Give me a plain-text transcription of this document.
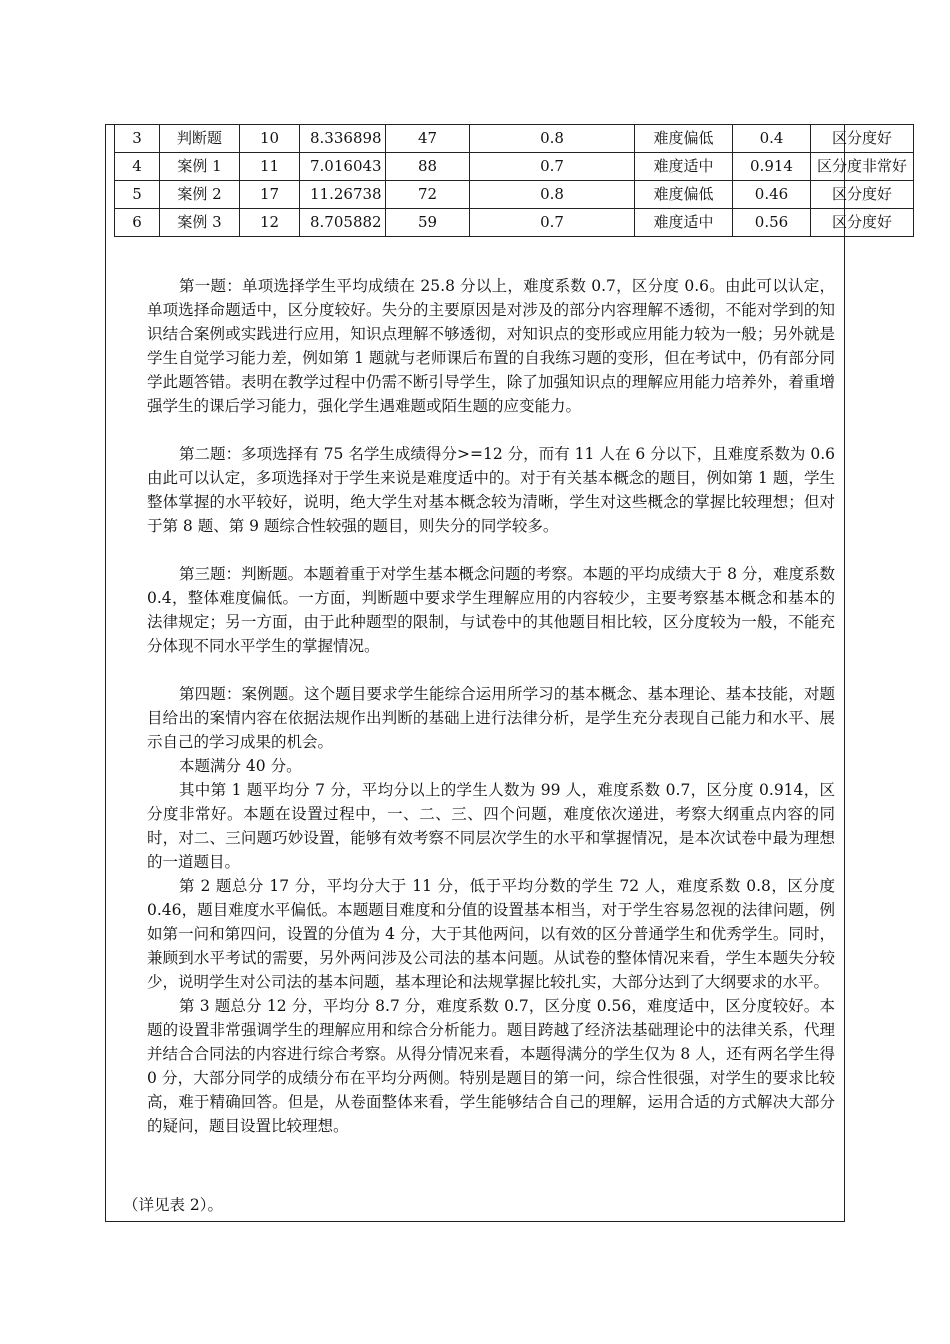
3	判断题	10	8.336898	47	0.8	难度偏低	0.4	区分度好
4	案例 1	11	7.016043	88	0.7	难度适中	0.914	区分度非常好
5	案例 2	17	11.26738	72	0.8	难度偏低	0.46	区分度好
6	案例 3	12	8.705882	59	0.7	难度适中	0.56	区分度好

第一题：单项选择学生平均成绩在 25.8 分以上，难度系数 0.7，区分度 0.6。由此可以认定，单项选择命题适中，区分度较好。失分的主要原因是对涉及的部分内容理解不透彻，不能对学到的知识结合案例或实践进行应用，知识点理解不够透彻，对知识点的变形或应用能力较为一般；另外就是学生自觉学习能力差，例如第 1 题就与老师课后布置的自我练习题的变形，但在考试中，仍有部分同学此题答错。表明在教学过程中仍需不断引导学生，除了加强知识点的理解应用能力培养外，着重增强学生的课后学习能力，强化学生遇难题或陌生题的应变能力。

第二题：多项选择有 75 名学生成绩得分>=12 分，而有 11 人在 6 分以下，且难度系数为 0.6 由此可以认定，多项选择对于学生来说是难度适中的。对于有关基本概念的题目，例如第 1 题，学生整体掌握的水平较好，说明，绝大学生对基本概念较为清晰，学生对这些概念的掌握比较理想；但对于第 8 题、第 9 题综合性较强的题目，则失分的同学较多。

第三题：判断题。本题着重于对学生基本概念问题的考察。本题的平均成绩大于 8 分，难度系数 0.4，整体难度偏低。一方面，判断题中要求学生理解应用的内容较少，主要考察基本概念和基本的法律规定；另一方面，由于此种题型的限制，与试卷中的其他题目相比较，区分度较为一般，不能充分体现不同水平学生的掌握情况。

第四题：案例题。这个题目要求学生能综合运用所学习的基本概念、基本理论、基本技能，对题目给出的案情内容在依据法规作出判断的基础上进行法律分析，是学生充分表现自己能力和水平、展示自己的学习成果的机会。

本题满分 40 分。

其中第 1 题平均分 7 分，平均分以上的学生人数为 99 人，难度系数 0.7，区分度 0.914，区分度非常好。本题在设置过程中，一、二、三、四个问题，难度依次递进，考察大纲重点内容的同时，对二、三问题巧妙设置，能够有效考察不同层次学生的水平和掌握情况，是本次试卷中最为理想的一道题目。

第 2 题总分 17 分，平均分大于 11 分，低于平均分数的学生 72 人，难度系数 0.8，区分度 0.46，题目难度水平偏低。本题题目难度和分值的设置基本相当，对于学生容易忽视的法律问题，例如第一问和第四问，设置的分值为 4 分，大于其他两问，以有效的区分普通学生和优秀学生。同时，兼顾到水平考试的需要，另外两问涉及公司法的基本问题。从试卷的整体情况来看，学生本题失分较少，说明学生对公司法的基本问题，基本理论和法规掌握比较扎实，大部分达到了大纲要求的水平。

第 3 题总分 12 分，平均分 8.7 分，难度系数 0.7，区分度 0.56，难度适中，区分度较好。本题的设置非常强调学生的理解应用和综合分析能力。题目跨越了经济法基础理论中的法律关系，代理并结合合同法的内容进行综合考察。从得分情况来看，本题得满分的学生仅为 8 人，还有两名学生得 0 分，大部分同学的成绩分布在平均分两侧。特别是题目的第一问，综合性很强，对学生的要求比较高，难于精确回答。但是，从卷面整体来看，学生能够结合自己的理解，运用合适的方式解决大部分的疑问，题目设置比较理想。

（详见表 2）。
